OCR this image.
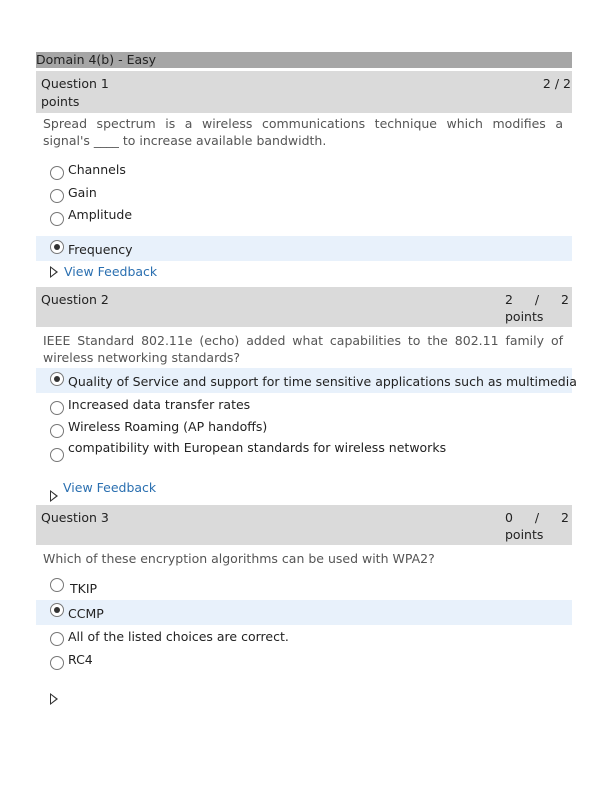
Domain 4(b) - Easy
Question 1	2 / 2
points
Spread spectrum is a wireless communications technique which modifies a signal's ____ to increase available bandwidth.
Channels
Gain
Amplitude
Frequency
View Feedback
Question 2	2 / 2
points
IEEE Standard 802.11e (echo) added what capabilities to the 802.11 family of wireless networking standards?
Quality of Service and support for time sensitive applications such as multimedia
Increased data transfer rates
Wireless Roaming (AP handoffs)
compatibility with European standards for wireless networks
View Feedback
Question 3	0 / 2
points
Which of these encryption algorithms can be used with WPA2?
TKIP
CCMP
All of the listed choices are correct.
RC4
